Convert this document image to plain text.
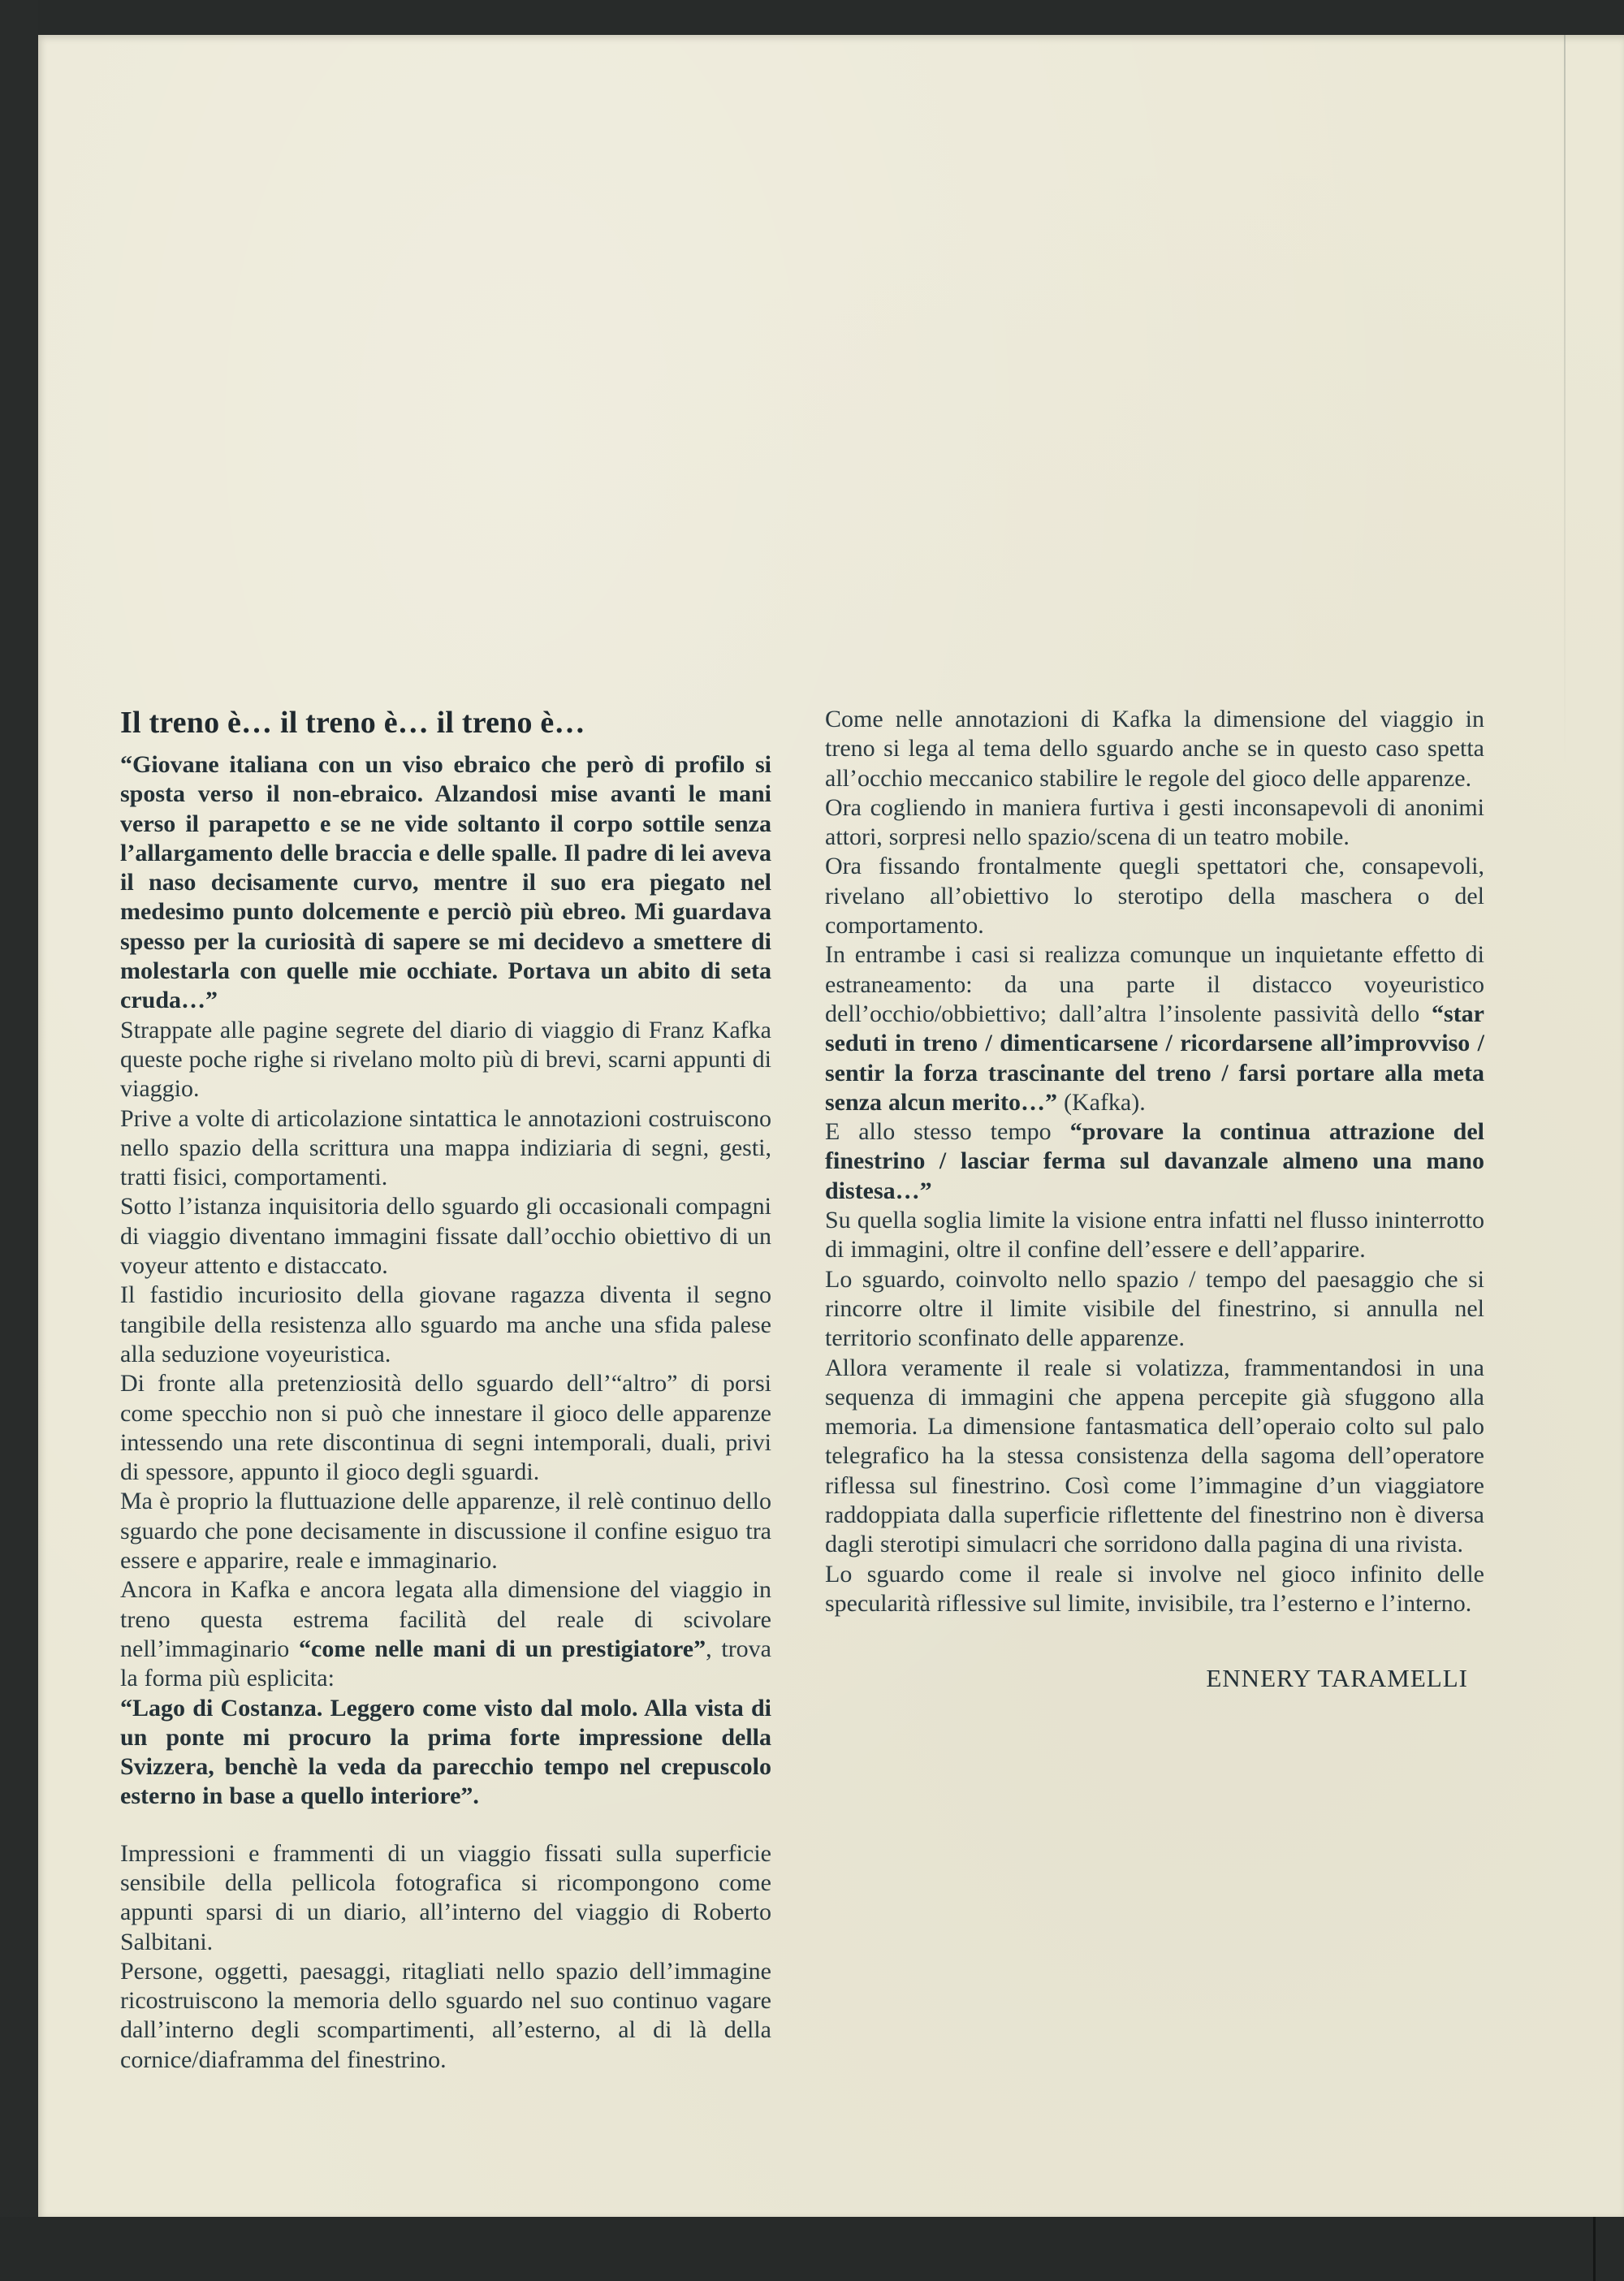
Il treno è… il treno è… il treno è…

“Giovane italiana con un viso ebraico che però di profilo si sposta verso il non-ebraico. Alzandosi mise avanti le mani verso il parapetto e se ne vide soltanto il corpo sottile senza l’allargamento delle braccia e delle spalle. Il padre di lei aveva il naso decisamente curvo, mentre il suo era piegato nel medesimo punto dolcemente e perciò più ebreo. Mi guardava spesso per la curiosità di sapere se mi decidevo a smettere di molestarla con quelle mie occhiate. Portava un abito di seta cruda…”

Strappate alle pagine segrete del diario di viaggio di Franz Kafka queste poche righe si rivelano molto più di brevi, scarni appunti di viaggio.

Prive a volte di articolazione sintattica le annotazioni costruiscono nello spazio della scrittura una mappa indiziaria di segni, gesti, tratti fisici, comportamenti.

Sotto l’istanza inquisitoria dello sguardo gli occasionali compagni di viaggio diventano immagini fissate dall’occhio obiettivo di un voyeur attento e distaccato.

Il fastidio incuriosito della giovane ragazza diventa il segno tangibile della resistenza allo sguardo ma anche una sfida palese alla seduzione voyeuristica.

Di fronte alla pretenziosità dello sguardo dell’“altro” di porsi come specchio non si può che innestare il gioco delle apparenze intessendo una rete discontinua di segni intemporali, duali, privi di spessore, appunto il gioco degli sguardi.

Ma è proprio la fluttuazione delle apparenze, il relè continuo dello sguardo che pone decisamente in discussione il confine esiguo tra essere e apparire, reale e immaginario.

Ancora in Kafka e ancora legata alla dimensione del viaggio in treno questa estrema facilità del reale di scivolare nell’immaginario “come nelle mani di un prestigiatore”, trova la forma più esplicita:

“Lago di Costanza. Leggero come visto dal molo. Alla vista di un ponte mi procuro la prima forte impressione della Svizzera, benchè la veda da parecchio tempo nel crepuscolo esterno in base a quello interiore”.

Impressioni e frammenti di un viaggio fissati sulla superficie sensibile della pellicola fotografica si ricompongono come appunti sparsi di un diario, all’interno del viaggio di Roberto Salbitani.

Persone, oggetti, paesaggi, ritagliati nello spazio dell’immagine ricostruiscono la memoria dello sguardo nel suo continuo vagare dall’interno degli scompartimenti, all’esterno, al di là della cornice/diaframma del finestrino.

Come nelle annotazioni di Kafka la dimensione del viaggio in treno si lega al tema dello sguardo anche se in questo caso spetta all’occhio meccanico stabilire le regole del gioco delle apparenze.

Ora cogliendo in maniera furtiva i gesti inconsapevoli di anonimi attori, sorpresi nello spazio/scena di un teatro mobile.

Ora fissando frontalmente quegli spettatori che, consapevoli, rivelano all’obiettivo lo sterotipo della maschera o del comportamento.

In entrambe i casi si realizza comunque un inquietante effetto di estraneamento: da una parte il distacco voyeuristico dell’occhio/obbiettivo; dall’altra l’insolente passività dello “star seduti in treno / dimenticarsene / ricordarsene all’improvviso / sentir la forza trascinante del treno / farsi portare alla meta senza alcun merito…” (Kafka).

E allo stesso tempo “provare la continua attrazione del finestrino / lasciar ferma sul davanzale almeno una mano distesa…”

Su quella soglia limite la visione entra infatti nel flusso ininterrotto di immagini, oltre il confine dell’essere e dell’apparire.

Lo sguardo, coinvolto nello spazio / tempo del paesaggio che si rincorre oltre il limite visibile del finestrino, si annulla nel territorio sconfinato delle apparenze.

Allora veramente il reale si volatizza, frammentandosi in una sequenza di immagini che appena percepite già sfuggono alla memoria. La dimensione fantasmatica dell’operaio colto sul palo telegrafico ha la stessa consistenza della sagoma dell’operatore riflessa sul finestrino. Così come l’immagine d’un viaggiatore raddoppiata dalla superficie riflettente del finestrino non è diversa dagli sterotipi simulacri che sorridono dalla pagina di una rivista.

Lo sguardo come il reale si involve nel gioco infinito delle specularità riflessive sul limite, invisibile, tra l’esterno e l’interno.

ENNERY TARAMELLI
